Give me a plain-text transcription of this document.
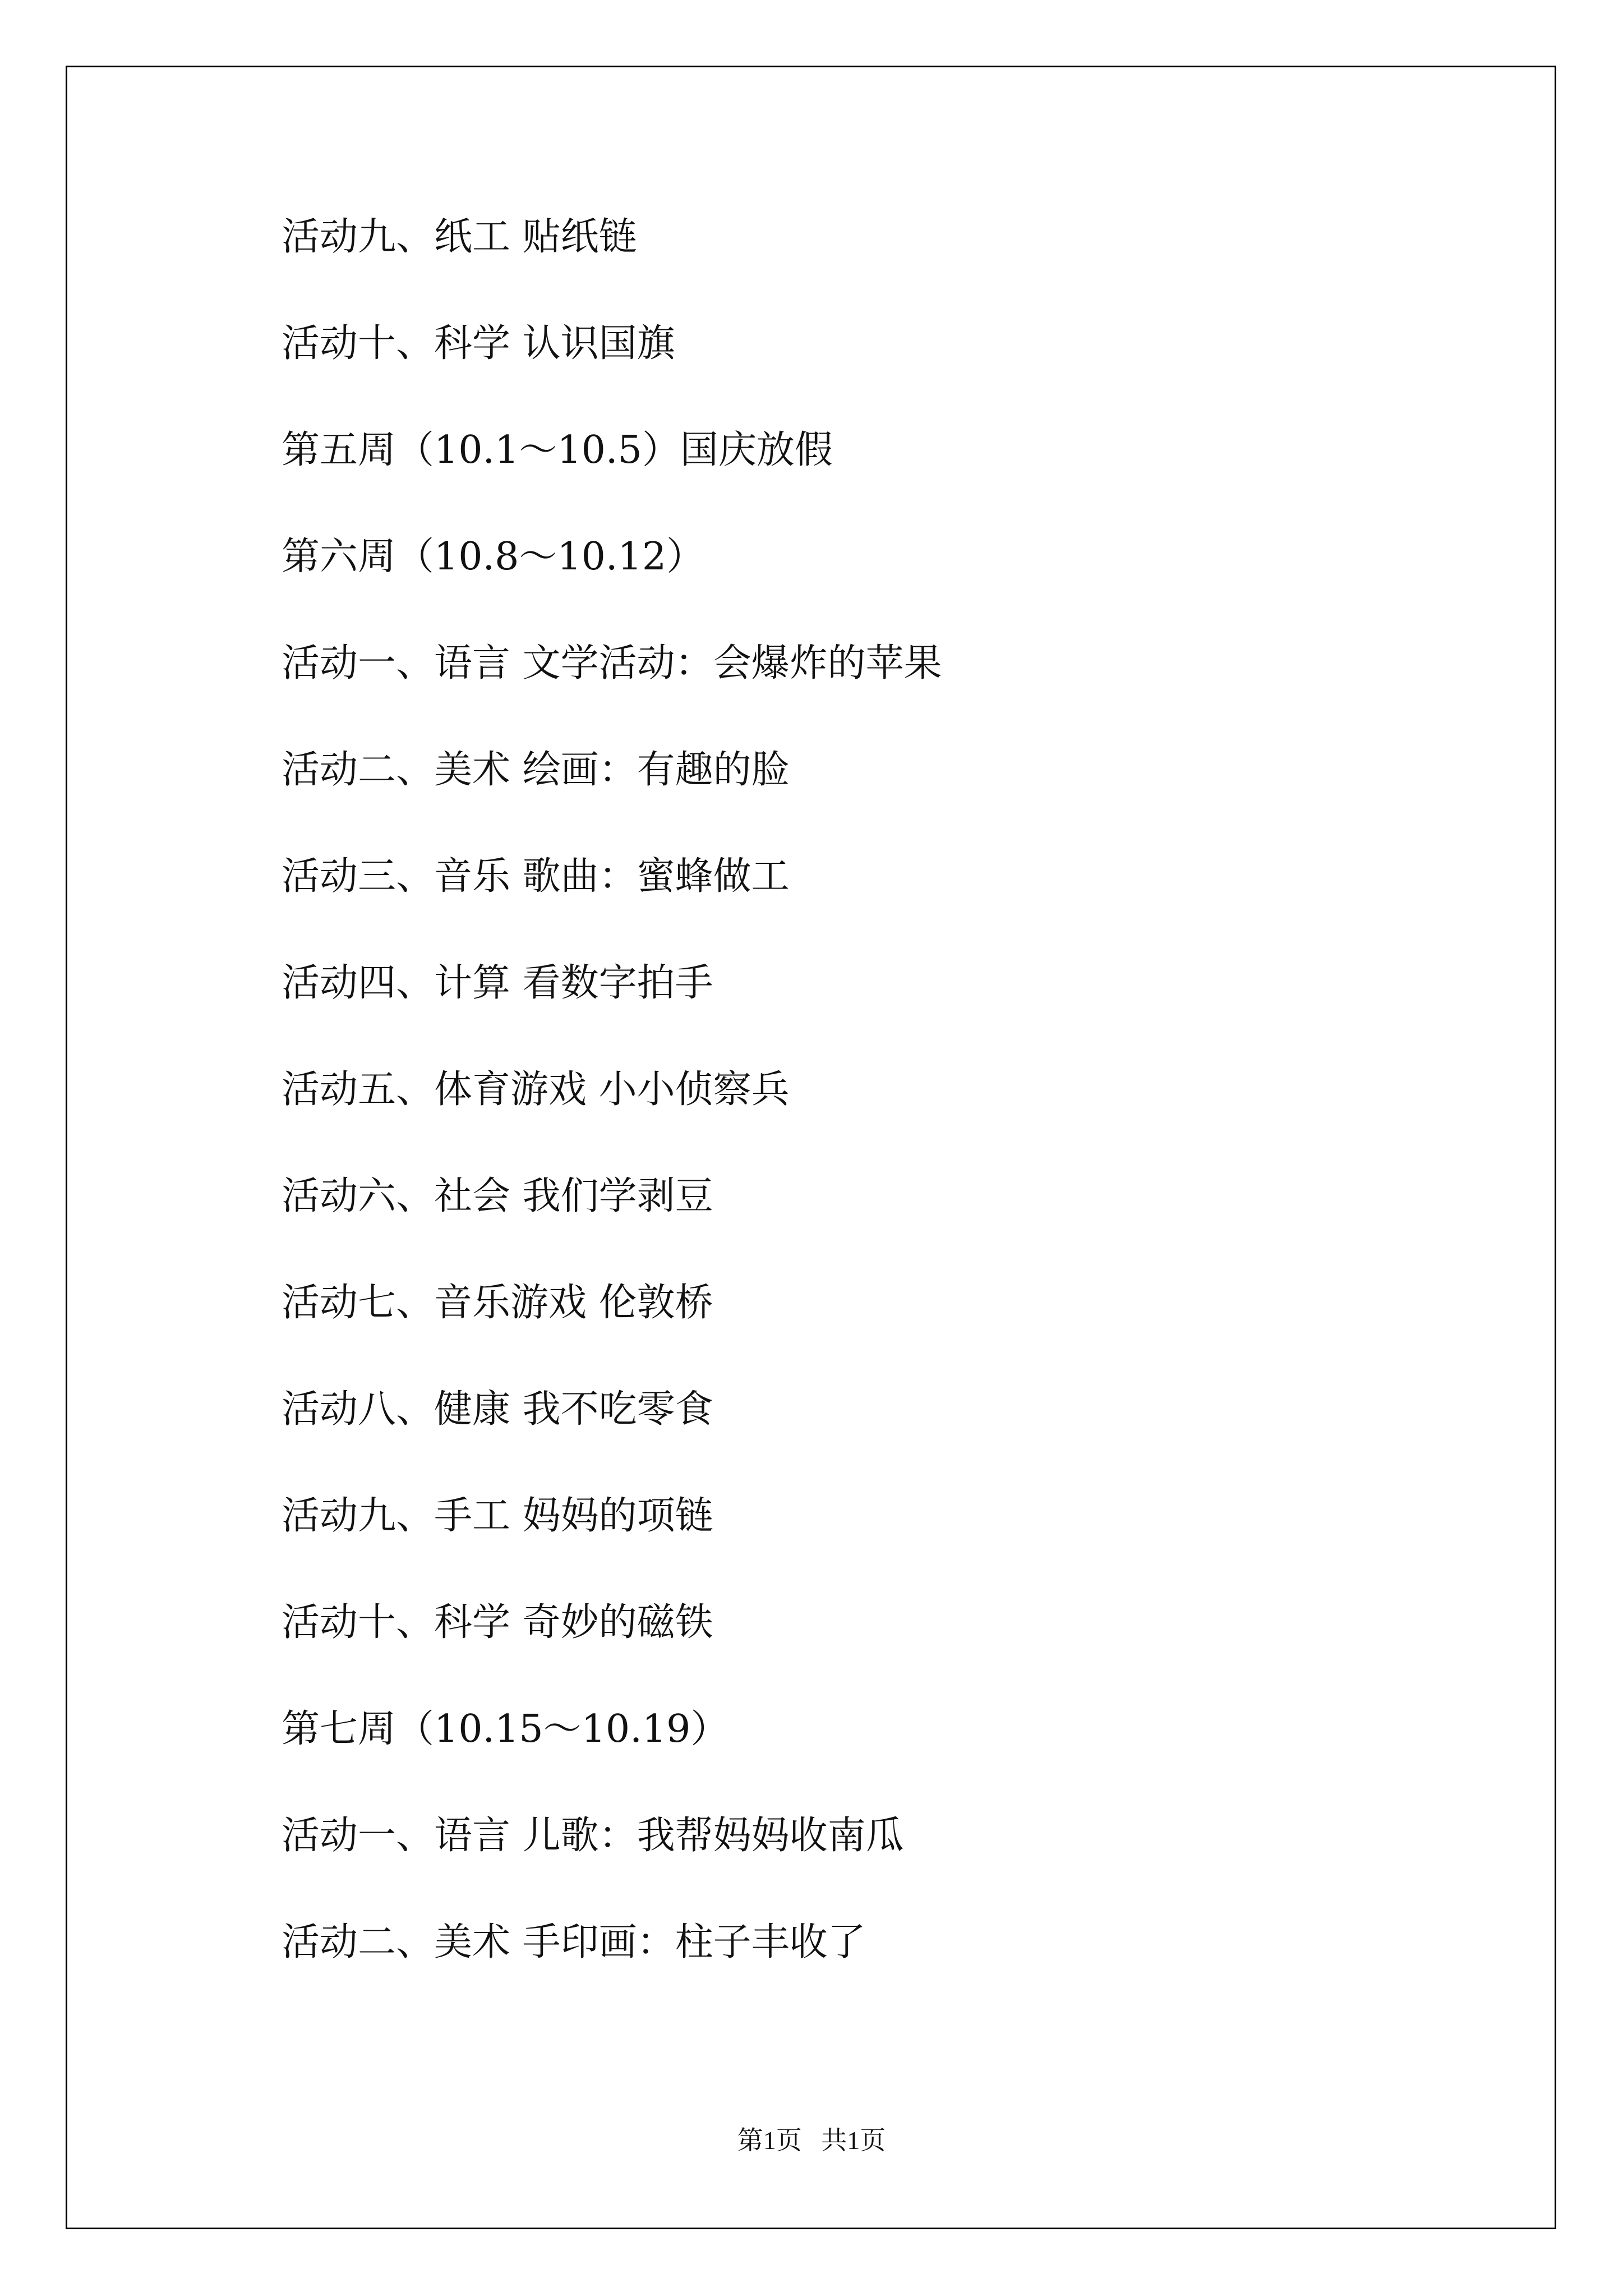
活动九、纸工 贴纸链
活动十、科学 认识国旗
第五周（10.1～10.5）国庆放假
第六周（10.8～10.12）
活动一、语言 文学活动：会爆炸的苹果
活动二、美术 绘画：有趣的脸
活动三、音乐 歌曲：蜜蜂做工
活动四、计算 看数字拍手
活动五、体育游戏 小小侦察兵
活动六、社会 我们学剥豆
活动七、音乐游戏 伦敦桥
活动八、健康 我不吃零食
活动九、手工 妈妈的项链
活动十、科学 奇妙的磁铁
第七周（10.15～10.19）
活动一、语言 儿歌：我帮妈妈收南瓜
活动二、美术 手印画：柱子丰收了
第1页   共1页
